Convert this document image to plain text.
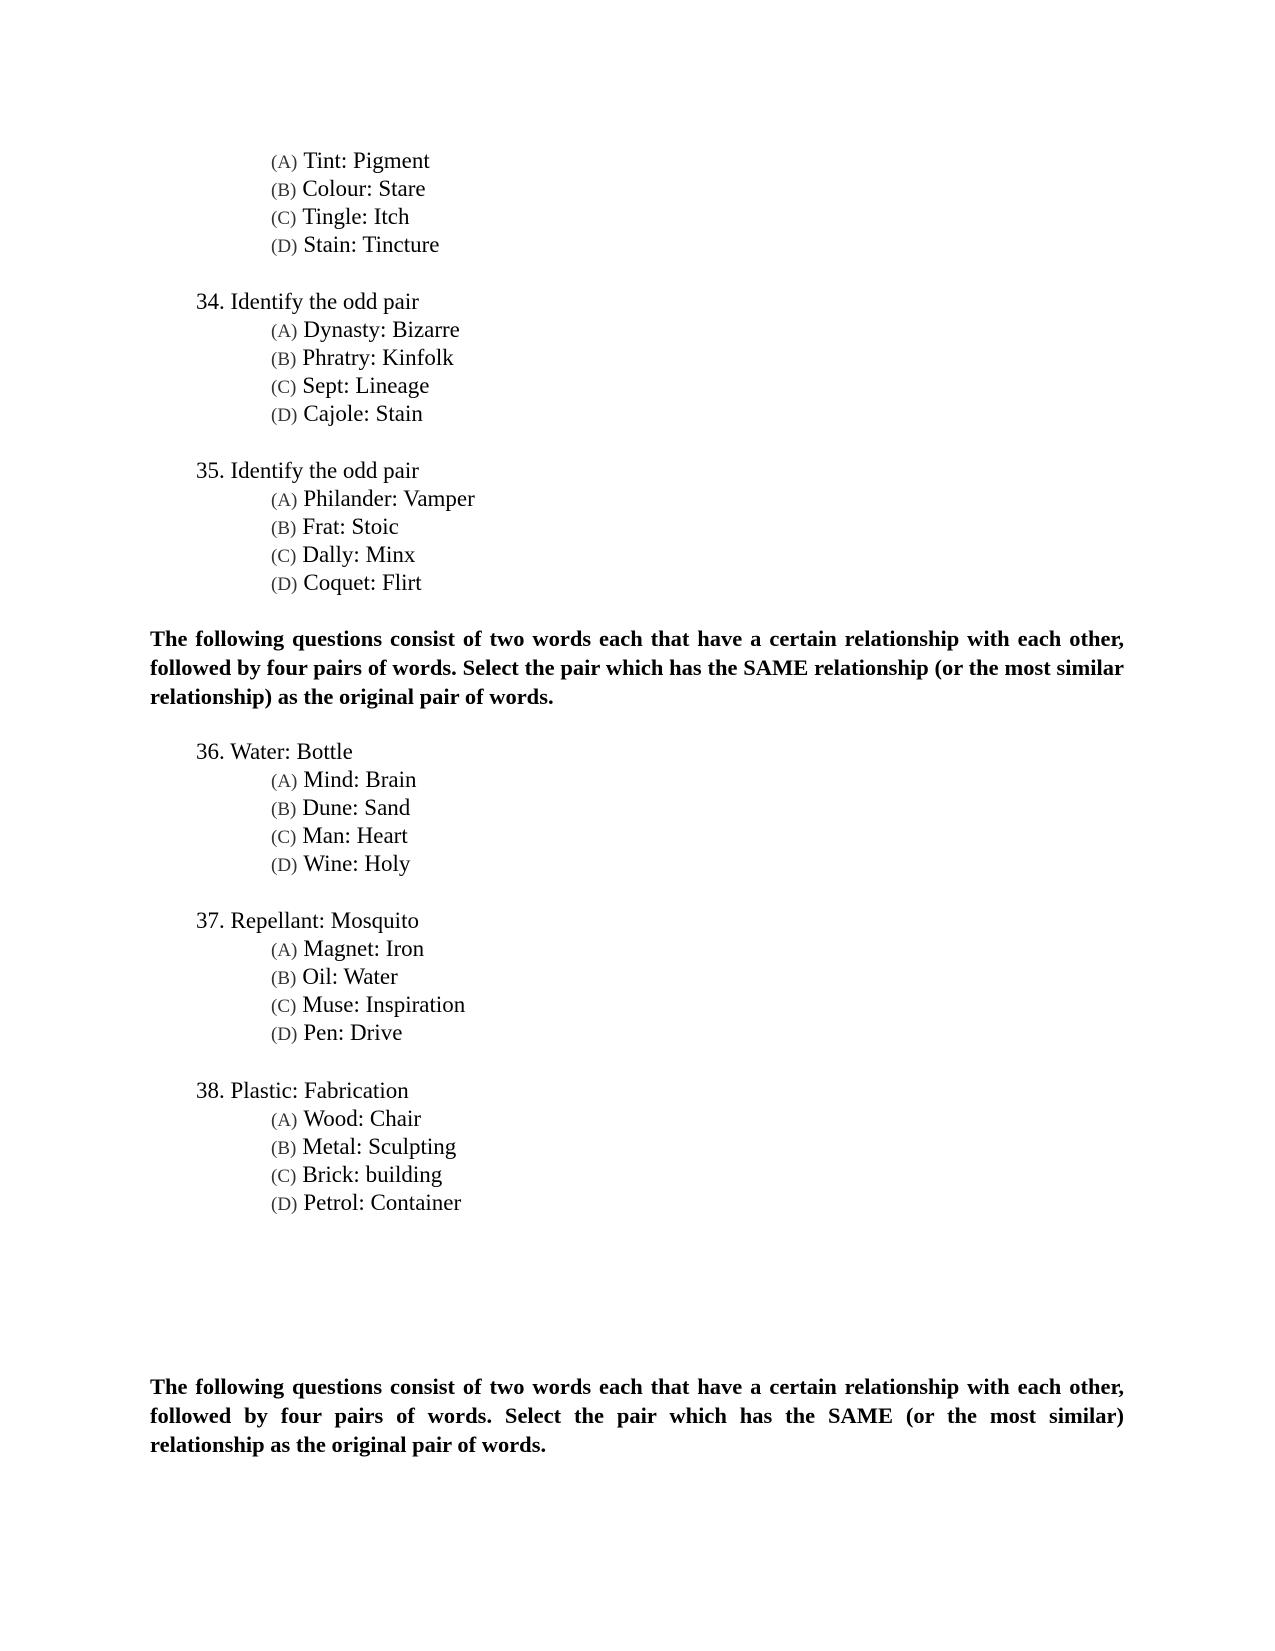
(A) Tint: Pigment
(B) Colour: Stare
(C) Tingle: Itch
(D) Stain: Tincture
34. Identify the odd pair
(A) Dynasty: Bizarre
(B) Phratry: Kinfolk
(C) Sept: Lineage
(D) Cajole: Stain
35. Identify the odd pair
(A) Philander: Vamper
(B) Frat: Stoic
(C) Dally: Minx
(D) Coquet: Flirt
The following questions consist of two words each that have a certain relationship with each other, followed by four pairs of words. Select the pair which has the SAME relationship (or the most similar relationship) as the original pair of words.
36. Water: Bottle
(A) Mind: Brain
(B) Dune: Sand
(C) Man: Heart
(D) Wine: Holy
37. Repellant: Mosquito
(A) Magnet: Iron
(B) Oil: Water
(C) Muse: Inspiration
(D) Pen: Drive
38. Plastic: Fabrication
(A) Wood: Chair
(B) Metal: Sculpting
(C) Brick: building
(D) Petrol: Container
The following questions consist of two words each that have a certain relationship with each other, followed by four pairs of words. Select the pair which has the SAME (or the most similar) relationship as the original pair of words.
